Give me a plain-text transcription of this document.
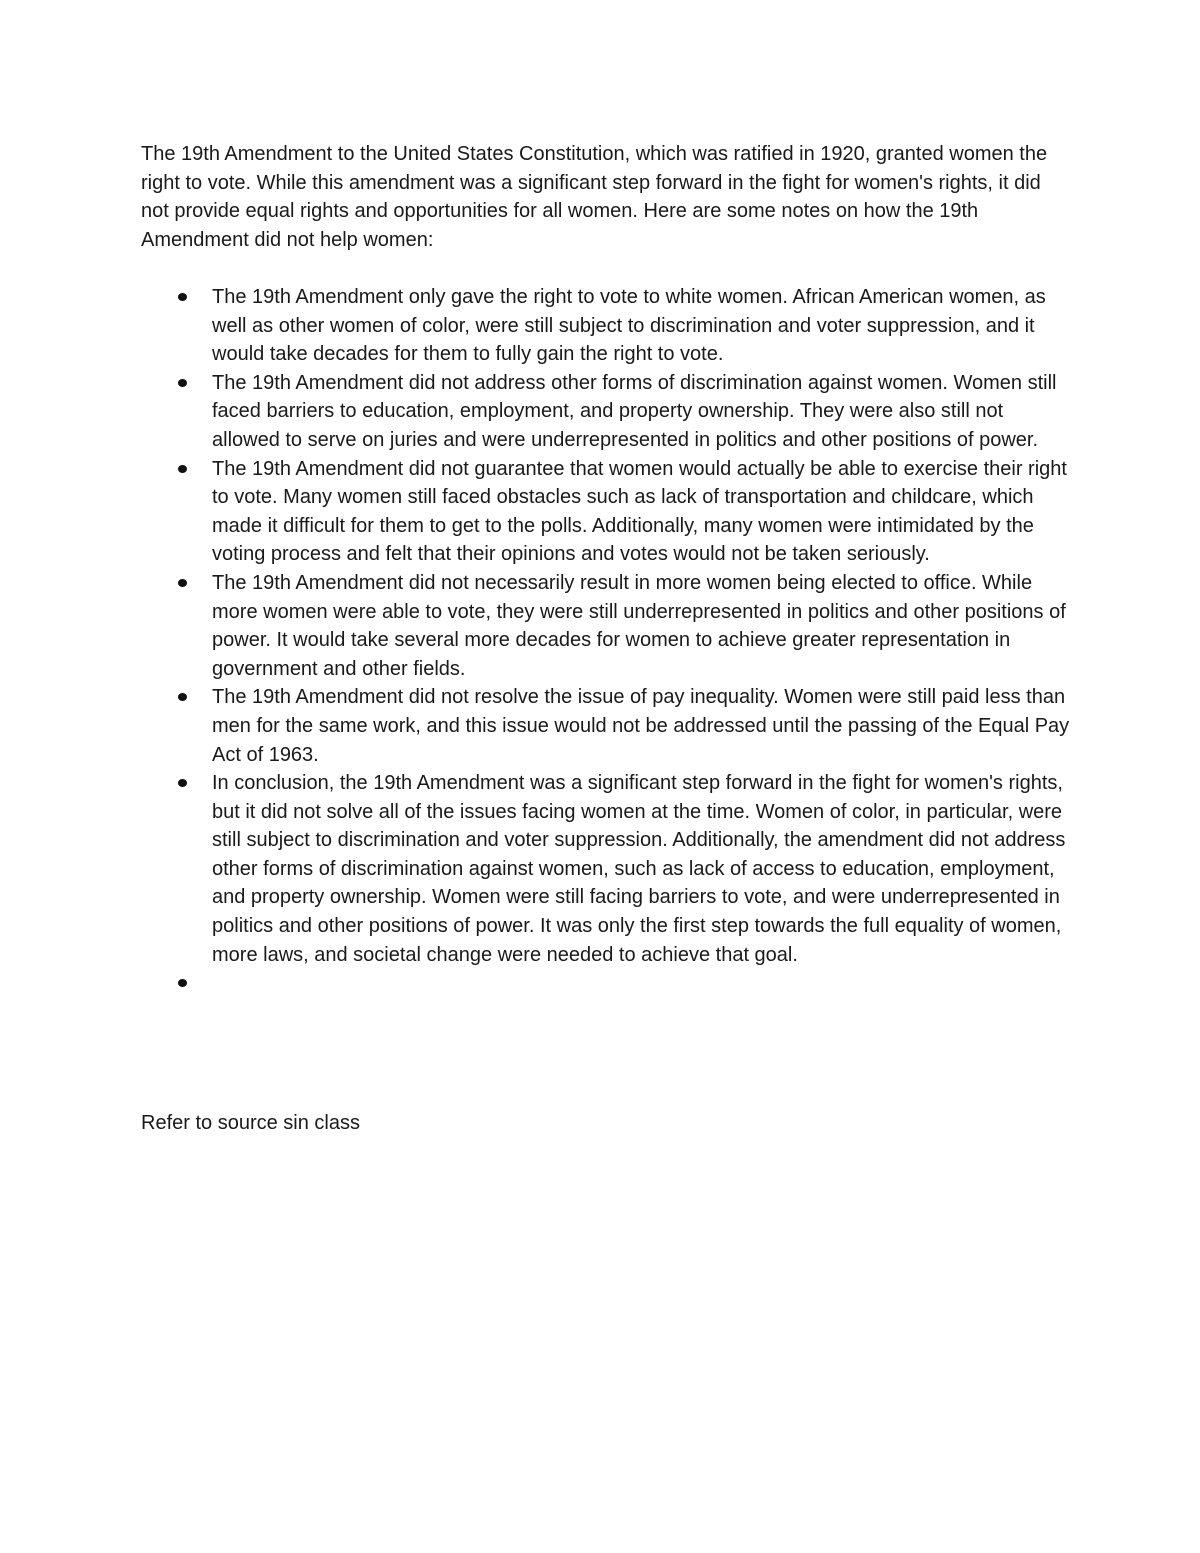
The 19th Amendment to the United States Constitution, which was ratified in 1920, granted women the right to vote. While this amendment was a significant step forward in the fight for women's rights, it did not provide equal rights and opportunities for all women. Here are some notes on how the 19th Amendment did not help women:

The 19th Amendment only gave the right to vote to white women. African American women, as well as other women of color, were still subject to discrimination and voter suppression, and it would take decades for them to fully gain the right to vote.
The 19th Amendment did not address other forms of discrimination against women. Women still faced barriers to education, employment, and property ownership. They were also still not allowed to serve on juries and were underrepresented in politics and other positions of power.
The 19th Amendment did not guarantee that women would actually be able to exercise their right to vote. Many women still faced obstacles such as lack of transportation and childcare, which made it difficult for them to get to the polls. Additionally, many women were intimidated by the voting process and felt that their opinions and votes would not be taken seriously.
The 19th Amendment did not necessarily result in more women being elected to office. While more women were able to vote, they were still underrepresented in politics and other positions of power. It would take several more decades for women to achieve greater representation in government and other fields.
The 19th Amendment did not resolve the issue of pay inequality. Women were still paid less than men for the same work, and this issue would not be addressed until the passing of the Equal Pay Act of 1963.
In conclusion, the 19th Amendment was a significant step forward in the fight for women's rights, but it did not solve all of the issues facing women at the time. Women of color, in particular, were still subject to discrimination and voter suppression. Additionally, the amendment did not address other forms of discrimination against women, such as lack of access to education, employment, and property ownership. Women were still facing barriers to vote, and were underrepresented in politics and other positions of power. It was only the first step towards the full equality of women, more laws, and societal change were needed to achieve that goal.

Refer to source sin class
